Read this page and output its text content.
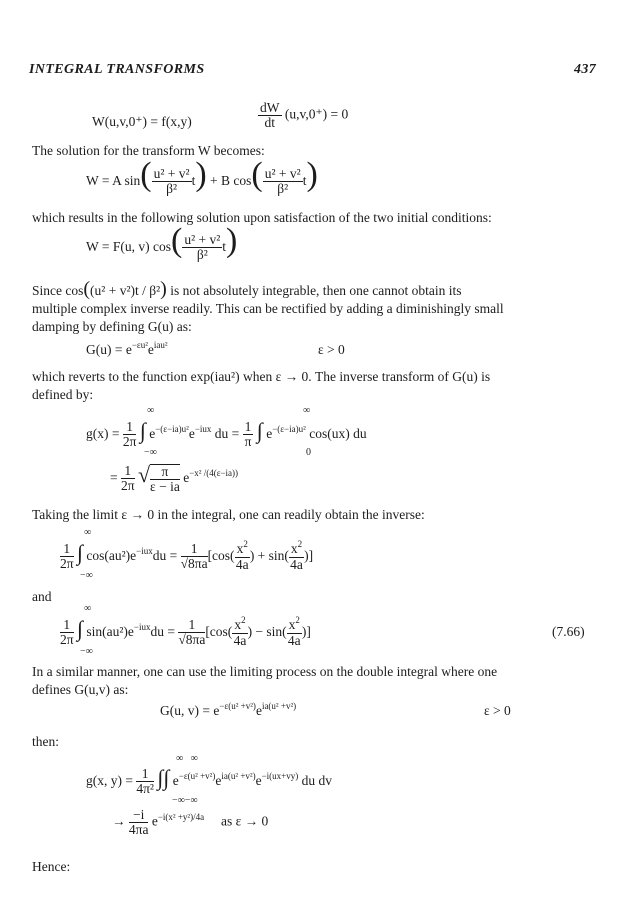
INTEGRAL TRANSFORMS	437
W(u,v,0⁺) = f(x,y)	$\frac{dW}{dt} (u,v,0^+) = 0$
The solution for the transform W becomes:
W = A $\sin( \frac{\text{u² + v²}}{\text{β²}} t) + B$ $\cos( \frac{\text{u² + v²}}{\text{β²}} t)$
which results in the following solution upon satisfaction of the two initial conditions:
W = F(u, v) $\cos( \frac{\text{u² + v²}}{\text{β²}} t)$
Since cos((u² + v²)t / β²) is not absolutely integrable, then one cannot obtain its
multiple complex inverse readily. This can be rectified by adding a diminishingly small
damping by defining G(u) as:
$G(u) = e^{-\varepsilon u^2}e^{iau^2}$	ε > 0
which reverts to the function exp(iau²) when ε → 0. The inverse transform of G(u) is
defined by:
∞	∞
$g(x) = \frac{1}{2\pi}$ ∫ $e^{-(\varepsilon-ia)u^2}e^{-iux}$ du = $\frac{1}{\pi}$ ∫ $e^{-(\varepsilon-ia)u^2}$ cos(ux) du
−∞	0
= $\frac{1}{2\pi}$ √ $\frac{\pi}{\varepsilon - ia} e^{-x^2 /(4(\varepsilon-ia))}$
Taking the limit ε → 0 in the integral, one can readily obtain the inverse:
∞
$\frac{1}{2\pi}$ ∫ $\cos(au^2)e^{-iux}du = \frac{1}{√8\pi a} [\cos( \frac{x^2}{4a}$ ) + $\sin( \frac{x^2}{4a}$ )]
−∞
and
∞
$\frac{1}{2\pi}$ ∫ $\sin(au^2)e^{-iux}du = \frac{1}{√8\pi a} [\cos( \frac{x^2}{4a}$ ) − $\sin( \frac{x^2}{4a}$ )]	(7.66)
−∞
In a similar manner, one can use the limiting process on the double integral where one
defines G(u,v) as:
G(u, $v) = e^{-\varepsilon(u^2 +v^2)}e^{ia(u^2 +v^2)}$	ε > 0
then:
∞ ∞
g(x, $y) = \frac{1}{\text{4π²}}$ ∫∫ $e^{-\varepsilon(u^2 +v^2)}e^{ia(u^2 +v^2)}e^{-i(ux+vy)}$ du dv
−∞−∞
→ $\frac{-i}{4\pi a} e^{-i(x^2 +y^2)/4a}$ as ε → 0
Hence:
